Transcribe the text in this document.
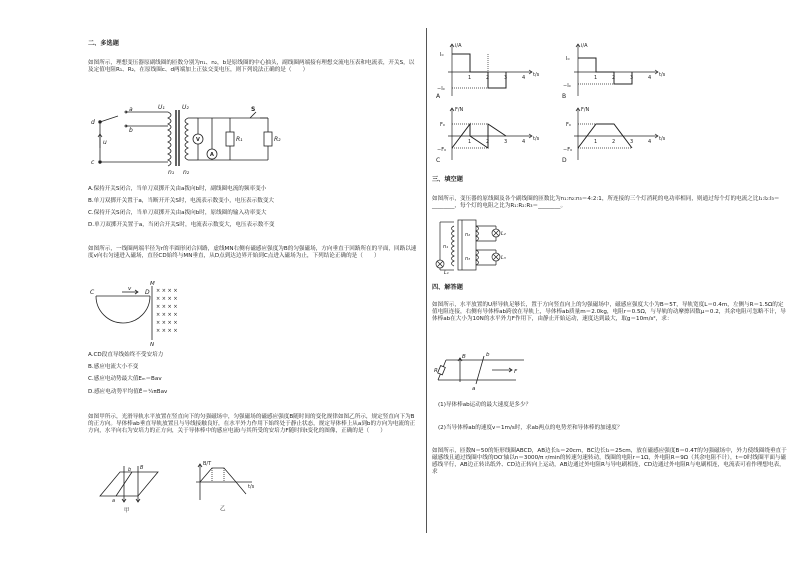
二、多选题
如图所示，理想变压器原副线圈的匝数分别为n₁、n₂，b是原线圈的中心抽头，副线圈两端接有理想交流电压表和电流表，开关S，以及定值电阻R₁、R₂，在原线圈c、d两端加上正弦交变电压，则下列说法正确的是（　　）
d
c
a
b
u
U₁	U₂
n₁ n₂
S
R₁	R₂
V
A
A.保持开关S闭合，当单刀双掷开关由a拨向b时，副线圈电流的频率变小
B.单刀双掷开关置于a，当断开开关S时，电流表示数变小，电压表示数变大
C.保持开关S闭合，当单刀双掷开关由a拨向b时，原线圈的输入功率变大
D.单刀双掷开关置于a，当闭合开关S时，电流表示数变大，电压表示数不变
如图所示，一线圈两端半径为r的半圆形闭合回路，虚线MN右侧有磁感应强度为B的匀强磁场，方向垂直于回路所在的平面，回路以速度v向右匀速进入磁场，直径CD始终与MN垂直，从D点到达边界开始到C点进入磁场为止，下列结论正确的是（　　）
× × × ×
× × × ×
× × × ×
× × × ×
× × × ×
× × × ×
C	D
M
N
v
A.CD段直导线始终不受安培力
B.感应电流大小不变
C.感应电动势最大值Eₘ＝Bav
D.感应电动势平均值Ē＝¼πBav
如图甲所示，光滑导轨水平放置在竖直向下的匀强磁场中，匀强磁场的磁感应强度B随时间的变化规律如图乙所示，规定竖直向下为B的正方向。导体棒ab垂直导轨放置且与导线接触良好，在水平外力作用下始终处于静止状态，规定导体棒上从a到b的方向为电流的正方向，水平向右为安培力的正方向，关于导体棒中的感应电流i与其所受的安培力F随时间t变化的图像，正确的是（　　）
b
a
B
甲
B/T
t/s
乙
i/A
t/s
I₀
−I₀
1	2	3	4
A
i/A
t/s
I₀
−I₀
1	2	3	4
B
F/N
t/s
F₀
−F₀
1	2	3	4
C
F/N
t/s
F₀
−F₀
1	2	3	4
D
三、填空题
如图所示，变压器的原线圈及各个副线圈的匝数比为n₁:n₂:n₃＝4:2:1，所连接的三个灯消耗的电功率相同，则通过每个灯的电流之比I₁:I₂:I₃＝________，每个灯的电阻之比为R₁:R₂:R₃＝________。
n₁
n₂
n₃
L₁
L₂
L₃
四、解答题
如图所示，水平放置的U形导轨足够长，置于方向竖直向上的匀强磁场中，磁感应强度大小为B＝5T，导轨宽度L＝0.4m，左侧与R＝1.5Ω的定值电阻连接，右侧有导体棒ab跨放在导轨上，导体棒ab质量m＝2.0kg，电阻r＝0.5Ω，与导轨的动摩擦因数μ＝0.2，其余电阻可忽略不计，导体棒ab在大小为10N的水平外力F作用下，由静止开始运动，速度达到最大，取g＝10m/s²，求：
R
b
a
B
F
(1)导体棒ab运动的最大速度是多少？
(2)当导体棒ab的速度v＝1m/s时，求ab两点的电势差和导体棒的加速度？
如图所示，匝数N＝50的矩形线圈ABCD，AB边长l₁＝20cm，BC边长l₂＝25cm，放在磁感应强度B＝0.4T的匀强磁场中，外力使线圈绕垂直于磁感线且通过线圈中线的OO′轴以n＝3000/π r/min的转速匀速转动，线圈的电阻r＝1Ω，外电阻R＝9Ω（其余电阻不计），t＝0时线圈平面与磁感线平行，AB边正转出纸外、CD边正转向上运动，AB边通过外电阻R与导电刷相连，CD边通过外电阻R与电刷相连，电流表可看作理想电表，求
